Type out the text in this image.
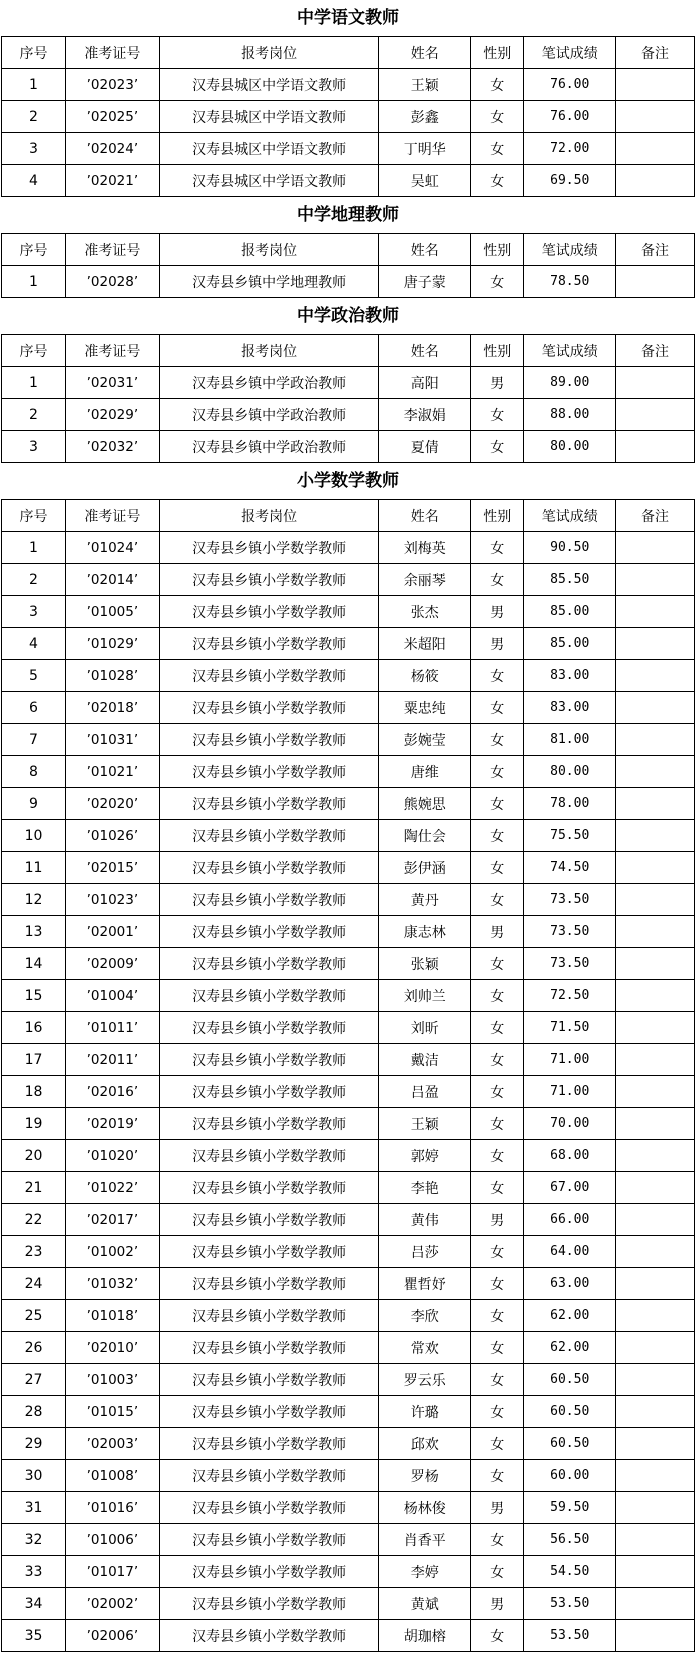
中学语文教师
序号	准考证号	报考岗位	姓名	性别	笔试成绩	备注
1	’02023’	汉寿县城区中学语文教师	王颖	女	76.00	
2	’02025’	汉寿县城区中学语文教师	彭鑫	女	76.00	
3	’02024’	汉寿县城区中学语文教师	丁明华	女	72.00	
4	’02021’	汉寿县城区中学语文教师	吴虹	女	69.50	
中学地理教师
序号	准考证号	报考岗位	姓名	性别	笔试成绩	备注
1	’02028’	汉寿县乡镇中学地理教师	唐子蒙	女	78.50	
中学政治教师
序号	准考证号	报考岗位	姓名	性别	笔试成绩	备注
1	’02031’	汉寿县乡镇中学政治教师	高阳	男	89.00	
2	’02029’	汉寿县乡镇中学政治教师	李淑娟	女	88.00	
3	’02032’	汉寿县乡镇中学政治教师	夏倩	女	80.00	
小学数学教师
序号	准考证号	报考岗位	姓名	性别	笔试成绩	备注
1	’01024’	汉寿县乡镇小学数学教师	刘梅英	女	90.50	
2	’02014’	汉寿县乡镇小学数学教师	余丽琴	女	85.50	
3	’01005’	汉寿县乡镇小学数学教师	张杰	男	85.00	
4	’01029’	汉寿县乡镇小学数学教师	米超阳	男	85.00	
5	’01028’	汉寿县乡镇小学数学教师	杨筱	女	83.00	
6	’02018’	汉寿县乡镇小学数学教师	粟忠纯	女	83.00	
7	’01031’	汉寿县乡镇小学数学教师	彭婉莹	女	81.00	
8	’01021’	汉寿县乡镇小学数学教师	唐维	女	80.00	
9	’02020’	汉寿县乡镇小学数学教师	熊婉思	女	78.00	
10	’01026’	汉寿县乡镇小学数学教师	陶仕会	女	75.50	
11	’02015’	汉寿县乡镇小学数学教师	彭伊涵	女	74.50	
12	’01023’	汉寿县乡镇小学数学教师	黄丹	女	73.50	
13	’02001’	汉寿县乡镇小学数学教师	康志林	男	73.50	
14	’02009’	汉寿县乡镇小学数学教师	张颖	女	73.50	
15	’01004’	汉寿县乡镇小学数学教师	刘帅兰	女	72.50	
16	’01011’	汉寿县乡镇小学数学教师	刘昕	女	71.50	
17	’02011’	汉寿县乡镇小学数学教师	戴洁	女	71.00	
18	’02016’	汉寿县乡镇小学数学教师	吕盈	女	71.00	
19	’02019’	汉寿县乡镇小学数学教师	王颖	女	70.00	
20	’01020’	汉寿县乡镇小学数学教师	郭婷	女	68.00	
21	’01022’	汉寿县乡镇小学数学教师	李艳	女	67.00	
22	’02017’	汉寿县乡镇小学数学教师	黄伟	男	66.00	
23	’01002’	汉寿县乡镇小学数学教师	吕莎	女	64.00	
24	’01032’	汉寿县乡镇小学数学教师	瞿哲妤	女	63.00	
25	’01018’	汉寿县乡镇小学数学教师	李欣	女	62.00	
26	’02010’	汉寿县乡镇小学数学教师	常欢	女	62.00	
27	’01003’	汉寿县乡镇小学数学教师	罗云乐	女	60.50	
28	’01015’	汉寿县乡镇小学数学教师	许璐	女	60.50	
29	’02003’	汉寿县乡镇小学数学教师	邱欢	女	60.50	
30	’01008’	汉寿县乡镇小学数学教师	罗杨	女	60.00	
31	’01016’	汉寿县乡镇小学数学教师	杨林俊	男	59.50	
32	’01006’	汉寿县乡镇小学数学教师	肖香平	女	56.50	
33	’01017’	汉寿县乡镇小学数学教师	李婷	女	54.50	
34	’02002’	汉寿县乡镇小学数学教师	黄斌	男	53.50	
35	’02006’	汉寿县乡镇小学数学教师	胡珈榕	女	53.50	
